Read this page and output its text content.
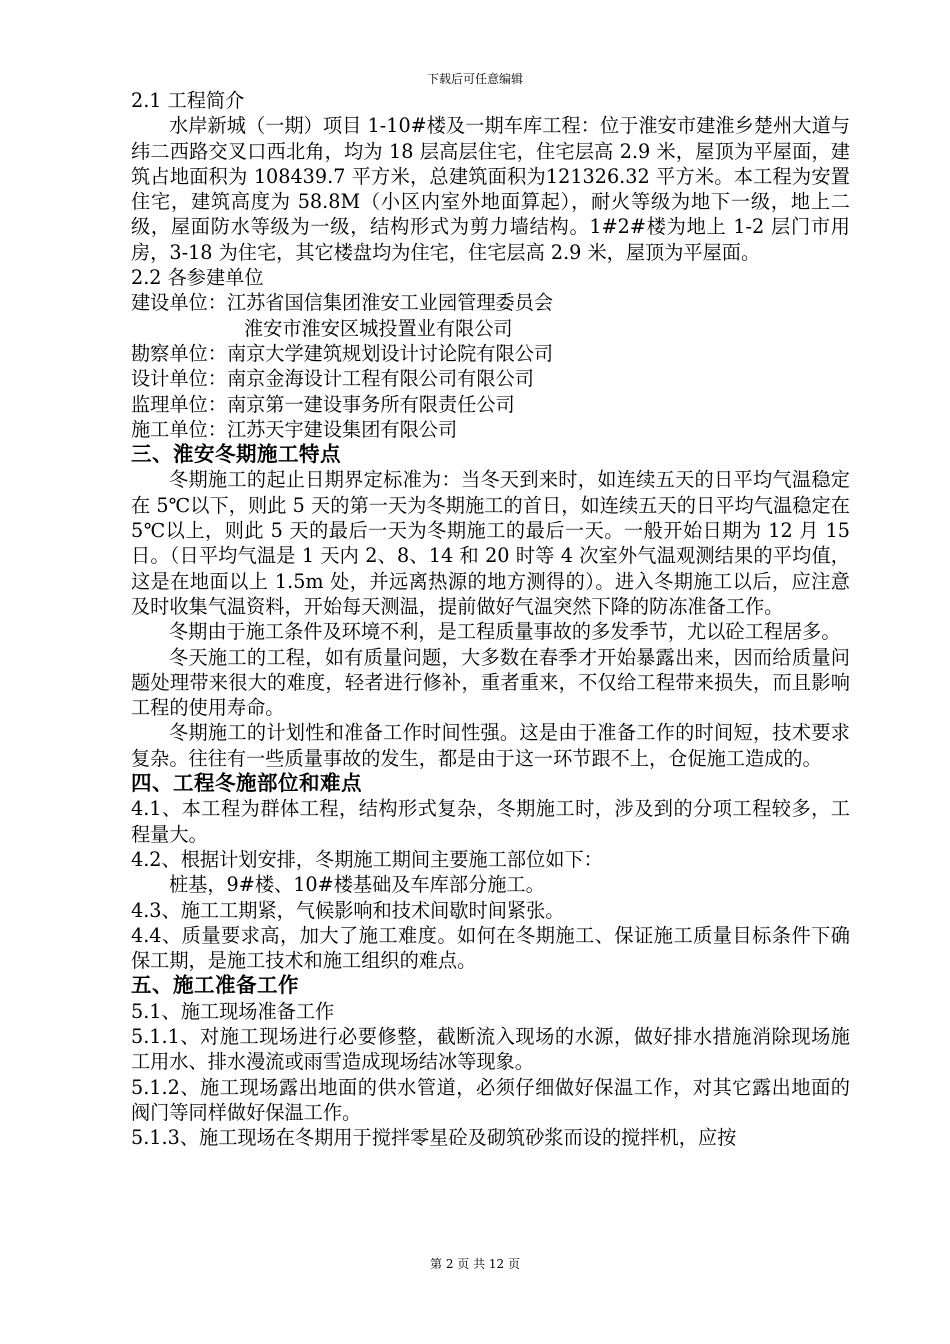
下载后可任意编辑

2.1 工程简介

水岸新城（一期）项目 1-10#楼及一期车库工程：位于淮安市建淮乡楚州大道与纬二西路交叉口西北角，均为 18 层高层住宅，住宅层高 2.9 米，屋顶为平屋面，建筑占地面积为 108439.7 平方米，总建筑面积为121326.32 平方米。本工程为安置住宅，建筑高度为 58.8M（小区内室外地面算起），耐火等级为地下一级，地上二级，屋面防水等级为一级，结构形式为剪力墙结构。1#2#楼为地上 1-2 层门市用房，3-18 为住宅，其它楼盘均为住宅，住宅层高 2.9 米，屋顶为平屋面。

2.2 各参建单位

建设单位： 江苏省国信集团淮安工业园管理委员会

淮安市淮安区城投置业有限公司

勘察单位： 南京大学建筑规划设计讨论院有限公司
设计单位： 南京金海设计工程有限公司有限公司
监理单位： 南京第一建设事务所有限责任公司
施工单位： 江苏天宇建设集团有限公司

三、淮安冬期施工特点

冬期施工的起止日期界定标准为：当冬天到来时，如连续五天的日平均气温稳定在 5℃以下，则此 5 天的第一天为冬期施工的首日，如连续五天的日平均气温稳定在 5℃以上，则此 5 天的最后一天为冬期施工的最后一天。一般开始日期为 12 月 15 日。（日平均气温是 1 天内 2、8、14 和 20 时等 4 次室外气温观测结果的平均值，这是在地面以上 1.5m 处，并远离热源的地方测得的）。进入冬期施工以后，应注意及时收集气温资料，开始每天测温，提前做好气温突然下降的防冻准备工作。

冬期由于施工条件及环境不利，是工程质量事故的多发季节，尤以砼工程居多。

冬天施工的工程，如有质量问题，大多数在春季才开始暴露出来，因而给质量问题处理带来很大的难度，轻者进行修补，重者重来，不仅给工程带来损失，而且影响工程的使用寿命。

冬期施工的计划性和准备工作时间性强。这是由于准备工作的时间短，技术要求复杂。往往有一些质量事故的发生，都是由于这一环节跟不上，仓促施工造成的。

四、工程冬施部位和难点

4.1、本工程为群体工程，结构形式复杂，冬期施工时，涉及到的分项工程较多，工程量大。

4.2、根据计划安排，冬期施工期间主要施工部位如下：

桩基，9#楼、10#楼基础及车库部分施工。

4.3、施工工期紧，气候影响和技术间歇时间紧张。

4.4、质量要求高，加大了施工难度。如何在冬期施工、保证施工质量目标条件下确保工期，是施工技术和施工组织的难点。

五、施工准备工作

5.1、施工现场准备工作

5.1.1、对施工现场进行必要修整，截断流入现场的水源，做好排水措施消除现场施工用水、排水漫流或雨雪造成现场结冰等现象。

5.1.2、施工现场露出地面的供水管道，必须仔细做好保温工作，对其它露出地面的阀门等同样做好保温工作。

5.1.3、施工现场在冬期用于搅拌零星砼及砌筑砂浆而设的搅拌机，应按

第 2 页 共 12 页
